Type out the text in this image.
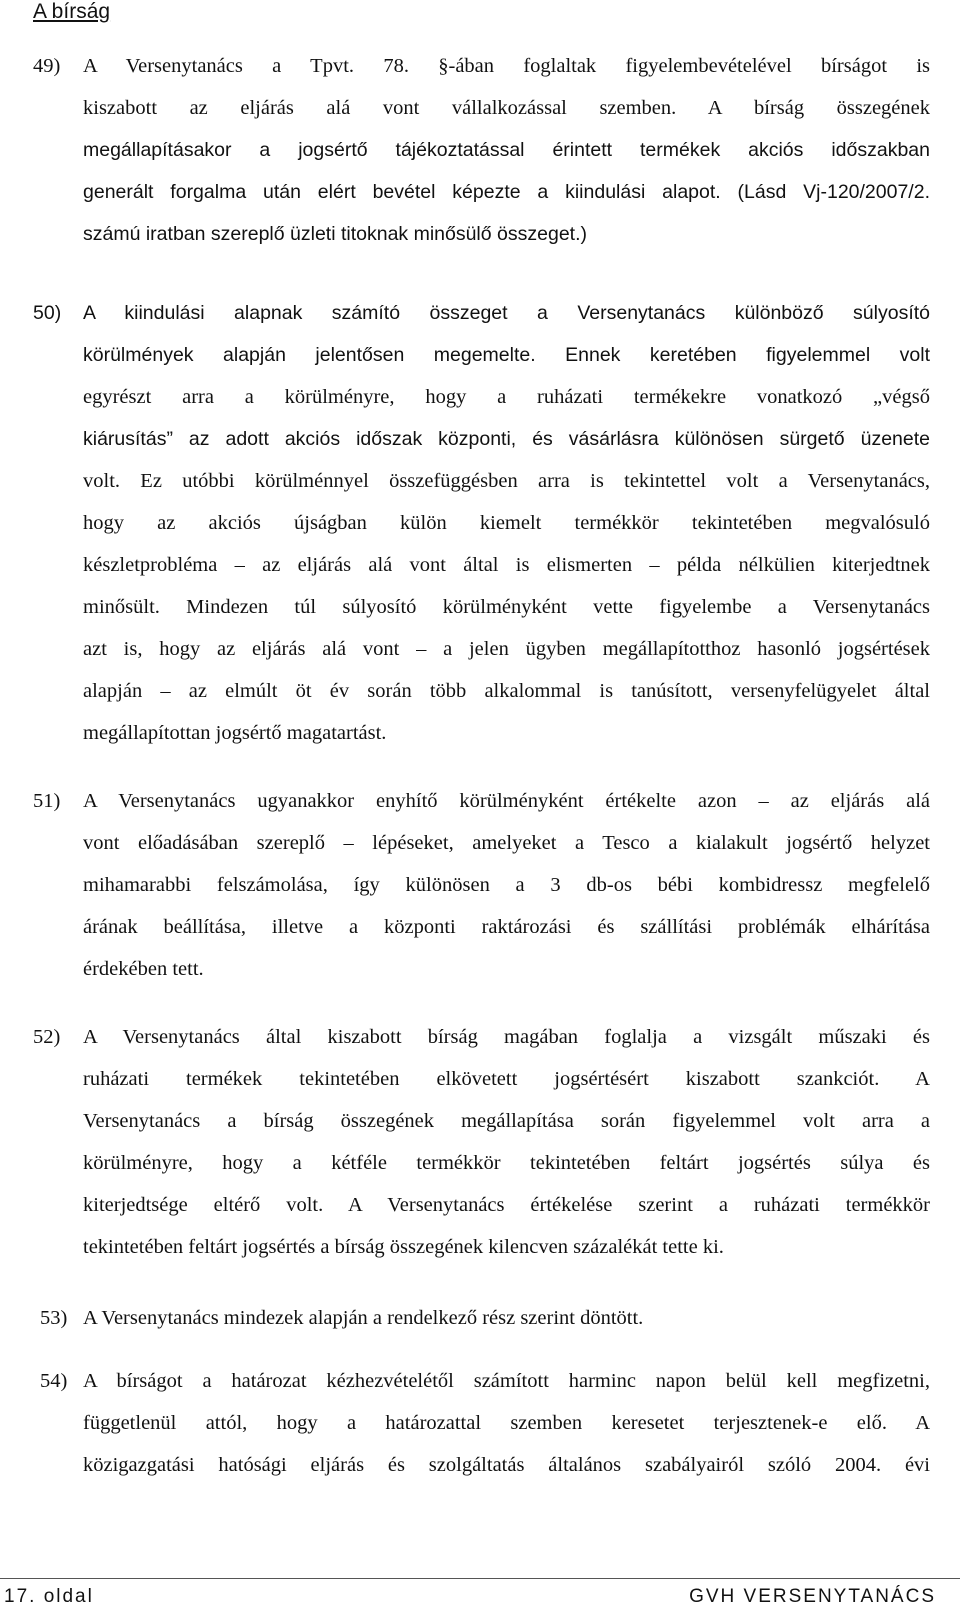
A bírság
49)	A Versenytanács a Tpvt. 78. §-ában foglaltak figyelembevételével bírságot is
kiszabott az eljárás alá vont vállalkozással szemben. A bírság összegének
megállapításakor a jogsértő tájékoztatással érintett termékek akciós időszakban
generált forgalma után elért bevétel képezte a kiindulási alapot. (Lásd Vj-120/2007/2.
számú iratban szereplő üzleti titoknak minősülő összeget.)
50)	A kiindulási alapnak számító összeget a Versenytanács különböző súlyosító
körülmények alapján jelentősen megemelte. Ennek keretében figyelemmel volt
egyrészt arra a körülményre, hogy a ruházati termékekre vonatkozó „végső
kiárusítás” az adott akciós időszak központi, és vásárlásra különösen sürgető üzenete
volt. Ez utóbbi körülménnyel összefüggésben arra is tekintettel volt a Versenytanács,
hogy az akciós újságban külön kiemelt termékkör tekintetében megvalósuló
készletprobléma – az eljárás alá vont által is elismerten – példa nélkülien kiterjedtnek
minősült. Mindezen túl súlyosító körülményként vette figyelembe a Versenytanács
azt is, hogy az eljárás alá vont – a jelen ügyben megállapítotthoz hasonló jogsértések
alapján – az elmúlt öt év során több alkalommal is tanúsított, versenyfelügyelet által
megállapítottan jogsértő magatartást.
51)	A Versenytanács ugyanakkor enyhítő körülményként értékelte azon – az eljárás alá
vont előadásában szereplő – lépéseket, amelyeket a Tesco a kialakult jogsértő helyzet
mihamarabbi felszámolása, így különösen a 3 db-os bébi kombidressz megfelelő
árának beállítása, illetve a központi raktározási és szállítási problémák elhárítása
érdekében tett.
52)	A Versenytanács által kiszabott bírság magában foglalja a vizsgált műszaki és
ruházati termékek tekintetében elkövetett jogsértésért kiszabott szankciót. A
Versenytanács a bírság összegének megállapítása során figyelemmel volt arra a
körülményre, hogy a kétféle termékkör tekintetében feltárt jogsértés súlya és
kiterjedtsége eltérő volt. A Versenytanács értékelése szerint a ruházati termékkör
tekintetében feltárt jogsértés a bírság összegének kilencven százalékát tette ki.
53) A Versenytanács mindezek alapján a rendelkező rész szerint döntött.
54) A bírságot a határozat kézhezvételétől számított harminc napon belül kell megfizetni,
függetlenül attól, hogy a határozattal szemben keresetet terjesztenek-e elő. A
közigazgatási hatósági eljárás és szolgáltatás általános szabályairól szóló 2004. évi
17. oldal	GVH VERSENYTANÁCS
